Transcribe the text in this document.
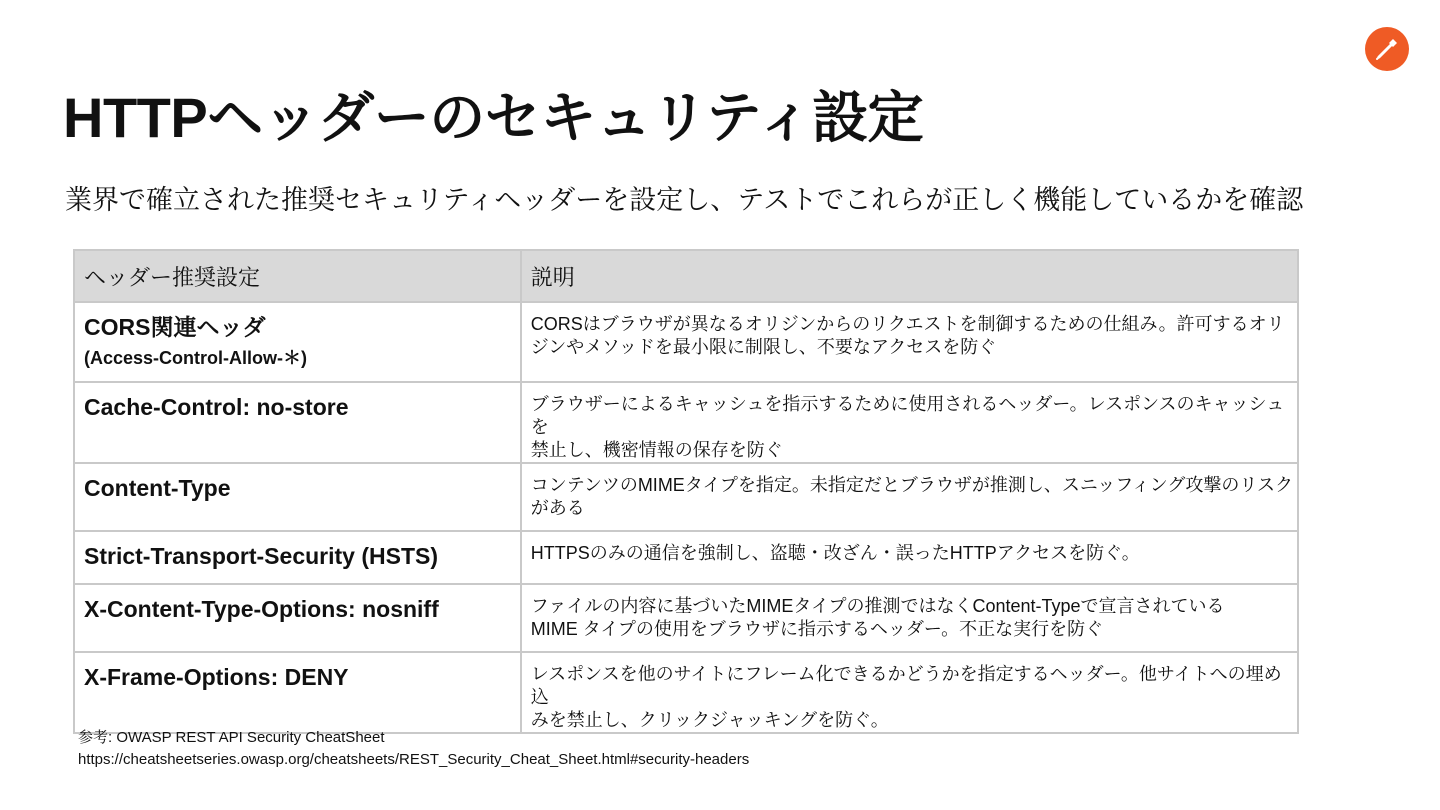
HTTPヘッダーのセキュリティ設定

業界で確立された推奨セキュリティヘッダーを設定し、テストでこれらが正しく機能しているかを確認

ヘッダー推奨設定	説明

CORS関連ヘッダ
(Access-Control-Allow-＊)	CORSはブラウザが異なるオリジンからのリクエストを制御するための仕組み。許可するオリ
ジンやメソッドを最小限に制限し、不要なアクセスを防ぐ

Cache-Control: no-store	ブラウザーによるキャッシュを指示するために使用されるヘッダー。レスポンスのキャッシュを
禁止し、機密情報の保存を防ぐ

Content-Type	コンテンツのMIMEタイプを指定。未指定だとブラウザが推測し、スニッフィング攻撃のリスク
がある

Strict-Transport-Security (HSTS)	HTTPSのみの通信を強制し、盗聴・改ざん・誤ったHTTPアクセスを防ぐ。

X-Content-Type-Options: nosniff	ファイルの内容に基づいたMIMEタイプの推測ではなくContent-Typeで宣言されている
MIME タイプの使用をブラウザに指示するヘッダー。不正な実行を防ぐ

X-Frame-Options: DENY	レスポンスを他のサイトにフレーム化できるかどうかを指定するヘッダー。他サイトへの埋め込
みを禁止し、クリックジャッキングを防ぐ。
参考: OWASP REST API Security CheatSheet
https://cheatsheetseries.owasp.org/cheatsheets/REST_Security_Cheat_Sheet.html#security-headers
